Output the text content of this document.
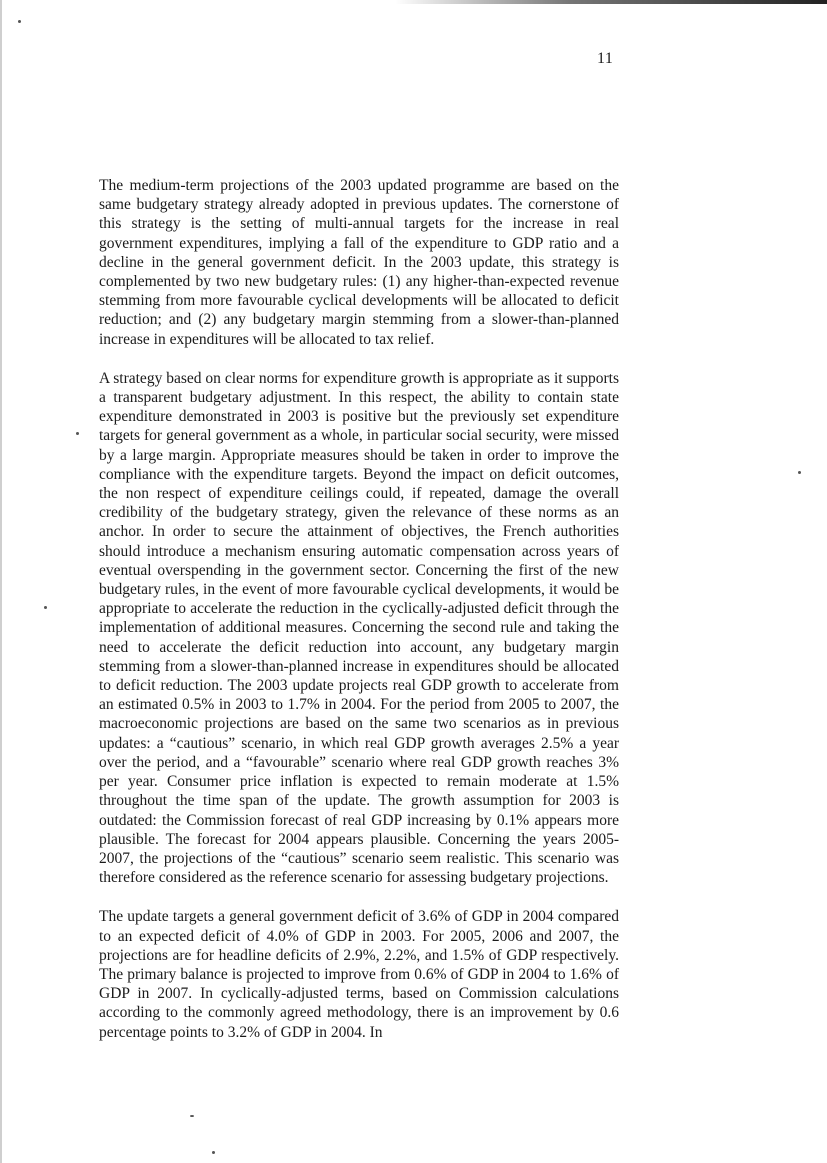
11

The medium-term projections of the 2003 updated programme are based on the same budgetary strategy already adopted in previous updates. The cornerstone of this strategy is the setting of multi-annual targets for the increase in real government expenditures, implying a fall of the expenditure to GDP ratio and a decline in the general government deficit. In the 2003 update, this strategy is complemented by two new budgetary rules: (1) any higher-than-expected revenue stemming from more favourable cyclical developments will be allocated to deficit reduction; and (2) any budgetary margin stemming from a slower-than-planned increase in expenditures will be allocated to tax relief.

A strategy based on clear norms for expenditure growth is appropriate as it supports a transparent budgetary adjustment. In this respect, the ability to contain state expenditure demonstrated in 2003 is positive but the previously set expenditure targets for general government as a whole, in particular social security, were missed by a large margin. Appropriate measures should be taken in order to improve the compliance with the expenditure targets. Beyond the impact on deficit outcomes, the non respect of expenditure ceilings could, if repeated, damage the overall credibility of the budgetary strategy, given the relevance of these norms as an anchor. In order to secure the attainment of objectives, the French authorities should introduce a mechanism ensuring automatic compensation across years of eventual overspending in the government sector. Concerning the first of the new budgetary rules, in the event of more favourable cyclical developments, it would be appropriate to accelerate the reduction in the cyclically-adjusted deficit through the implementation of additional measures. Concerning the second rule and taking the need to accelerate the deficit reduction into account, any budgetary margin stemming from a slower-than-planned increase in expenditures should be allocated to deficit reduction. The 2003 update projects real GDP growth to accelerate from an estimated 0.5% in 2003 to 1.7% in 2004. For the period from 2005 to 2007, the macroeconomic projections are based on the same two scenarios as in previous updates: a “cautious” scenario, in which real GDP growth averages 2.5% a year over the period, and a “favourable” scenario where real GDP growth reaches 3% per year. Consumer price inflation is expected to remain moderate at 1.5% throughout the time span of the update. The growth assumption for 2003 is outdated: the Commission forecast of real GDP increasing by 0.1% appears more plausible. The forecast for 2004 appears plausible. Concerning the years 2005-2007, the projections of the “cautious” scenario seem realistic. This scenario was therefore considered as the reference scenario for assessing budgetary projections.

The update targets a general government deficit of 3.6% of GDP in 2004 compared to an expected deficit of 4.0% of GDP in 2003. For 2005, 2006 and 2007, the projections are for headline deficits of 2.9%, 2.2%, and 1.5% of GDP respectively. The primary balance is projected to improve from 0.6% of GDP in 2004 to 1.6% of GDP in 2007. In cyclically-adjusted terms, based on Commission calculations according to the commonly agreed methodology, there is an improvement by 0.6 percentage points to 3.2% of GDP in 2004. In
